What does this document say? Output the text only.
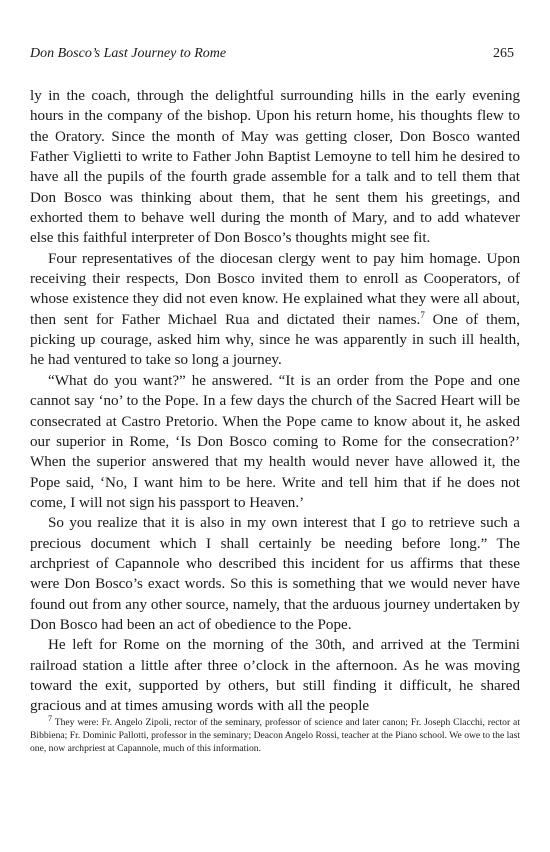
Don Bosco’s Last Journey to Rome	265

ly in the coach, through the delightful surrounding hills in the early evening hours in the company of the bishop. Upon his return home, his thoughts flew to the Oratory. Since the month of May was getting closer, Don Bosco wanted Father Viglietti to write to Father John Baptist Lemoyne to tell him he desired to have all the pupils of the fourth grade assemble for a talk and to tell them that Don Bosco was thinking about them, that he sent them his greetings, and exhorted them to behave well during the month of Mary, and to add whatever else this faithful interpreter of Don Bosco’s thoughts might see fit.

Four representatives of the diocesan clergy went to pay him homage. Upon receiving their respects, Don Bosco invited them to enroll as Cooperators, of whose existence they did not even know. He explained what they were all about, then sent for Father Michael Rua and dictated their names.$^7$ One of them, picking up courage, asked him why, since he was apparently in such ill health, he had ventured to take so long a journey.

“What do you want?” he answered. “It is an order from the Pope and one cannot say ‘no’ to the Pope. In a few days the church of the Sacred Heart will be consecrated at Castro Pretorio. When the Pope came to know about it, he asked our superior in Rome, ‘Is Don Bosco coming to Rome for the consecration?’ When the superior answered that my health would never have allowed it, the Pope said, ‘No, I want him to be here. Write and tell him that if he does not come, I will not sign his passport to Heaven.’

So you realize that it is also in my own interest that I go to retrieve such a precious document which I shall certainly be needing before long.” The archpriest of Capannole who described this incident for us affirms that these were Don Bosco’s exact words. So this is something that we would never have found out from any other source, namely, that the arduous journey undertaken by Don Bosco had been an act of obedience to the Pope.

He left for Rome on the morning of the 30th, and arrived at the Termini railroad station a little after three o’clock in the afternoon. As he was moving toward the exit, supported by others, but still finding it difficult, he shared gracious and at times amusing words with all the people

$^7$ They were: Fr. Angelo Zipoli, rector of the seminary, professor of science and later canon; Fr. Joseph Clacchi, rector at Bibbiena; Fr. Dominic Pallotti, professor in the seminary; Deacon Angelo Rossi, teacher at the Piano school. We owe to the last one, now archpriest at Capannole, much of this information.
